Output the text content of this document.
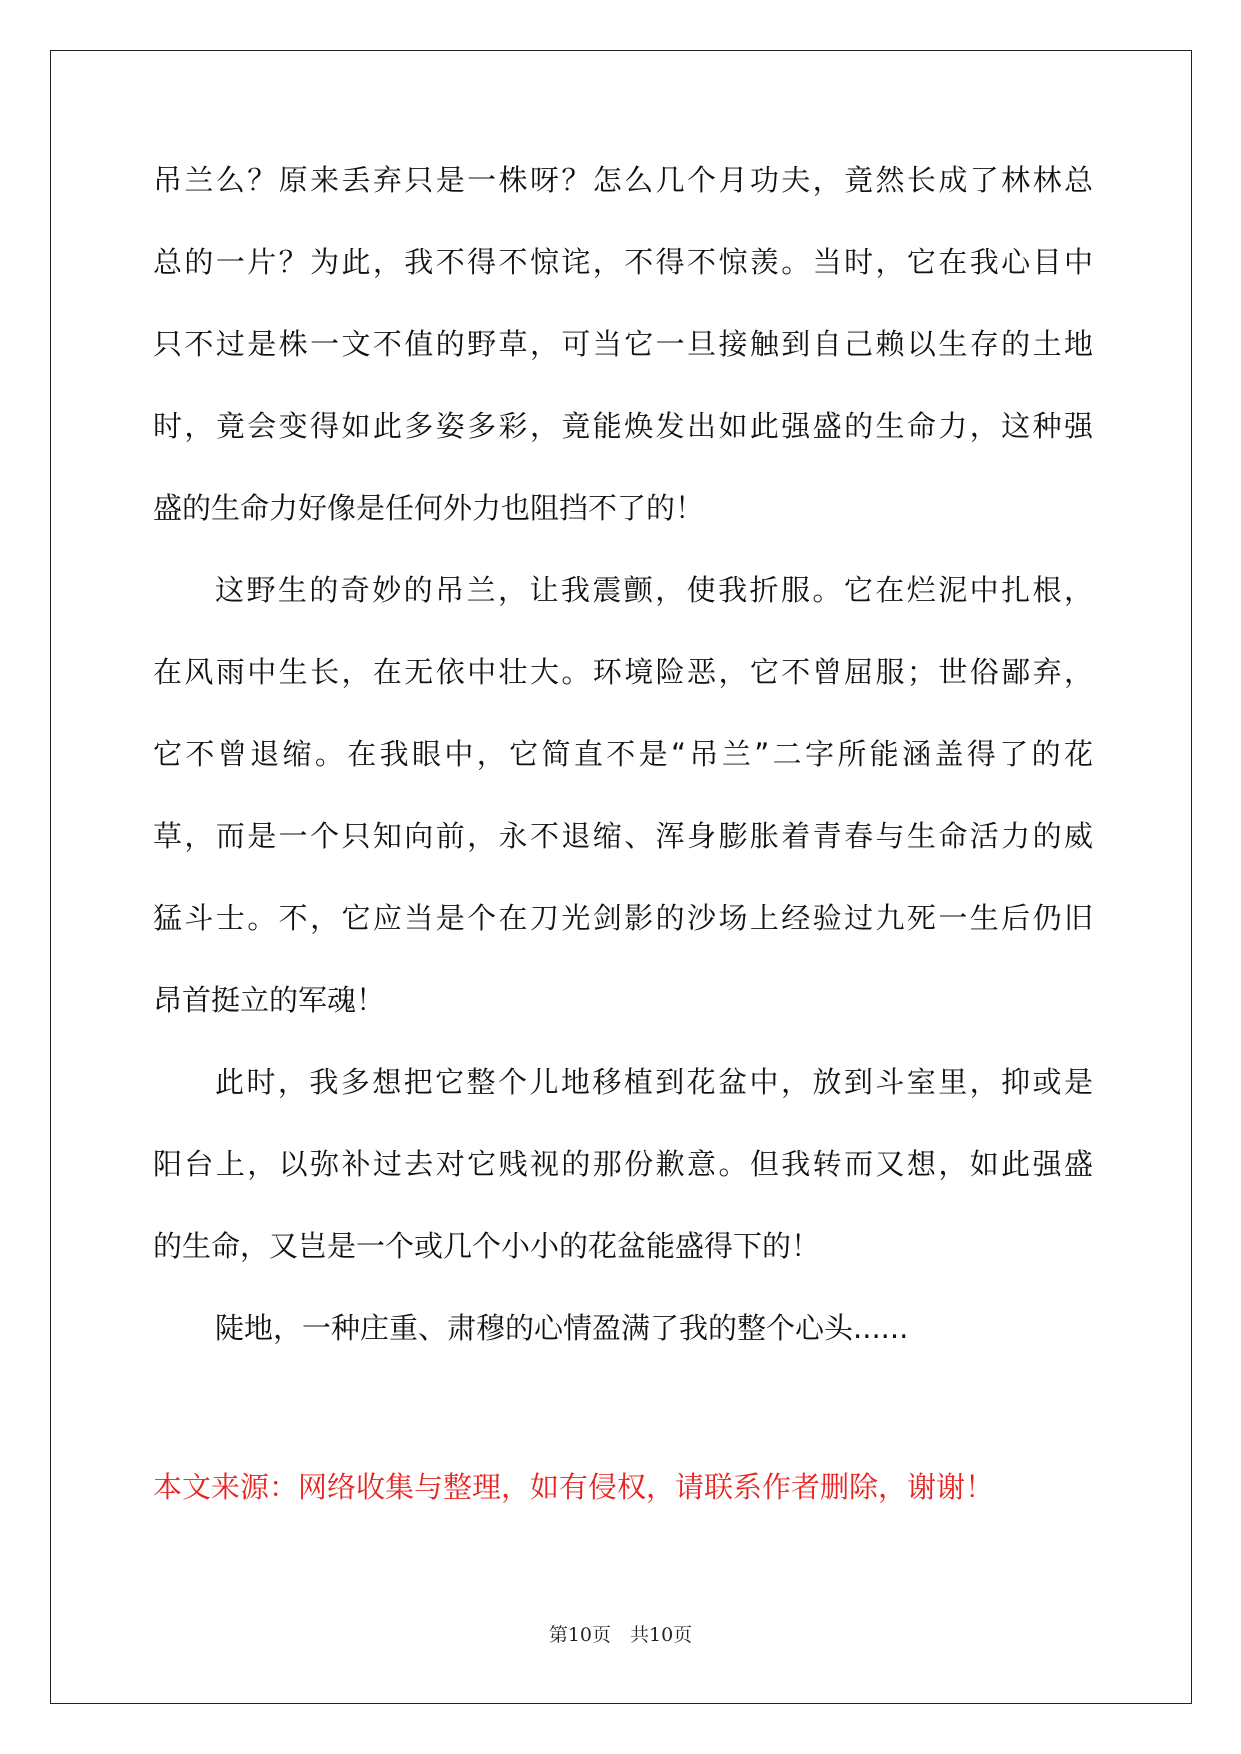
吊兰么？原来丢弃只是一株呀？怎么几个月功夫，竟然长成了林林总
总的一片？为此，我不得不惊诧，不得不惊羡。当时，它在我心目中
只不过是株一文不值的野草，可当它一旦接触到自己赖以生存的土地
时，竟会变得如此多姿多彩，竟能焕发出如此强盛的生命力，这种强
盛的生命力好像是任何外力也阻挡不了的！
这野生的奇妙的吊兰，让我震颤，使我折服。它在烂泥中扎根，
在风雨中生长，在无依中壮大。环境险恶，它不曾屈服；世俗鄙弃，
它不曾退缩。在我眼中，它简直不是“吊兰”二字所能涵盖得了的花
草，而是一个只知向前，永不退缩、浑身膨胀着青春与生命活力的威
猛斗士。不，它应当是个在刀光剑影的沙场上经验过九死一生后仍旧
昂首挺立的军魂！
此时，我多想把它整个儿地移植到花盆中，放到斗室里，抑或是
阳台上，以弥补过去对它贱视的那份歉意。但我转而又想，如此强盛
的生命，又岂是一个或几个小小的花盆能盛得下的！
陡地，一种庄重、肃穆的心情盈满了我的整个心头......
本文来源：网络收集与整理，如有侵权，请联系作者删除，谢谢！
第10页　共10页
